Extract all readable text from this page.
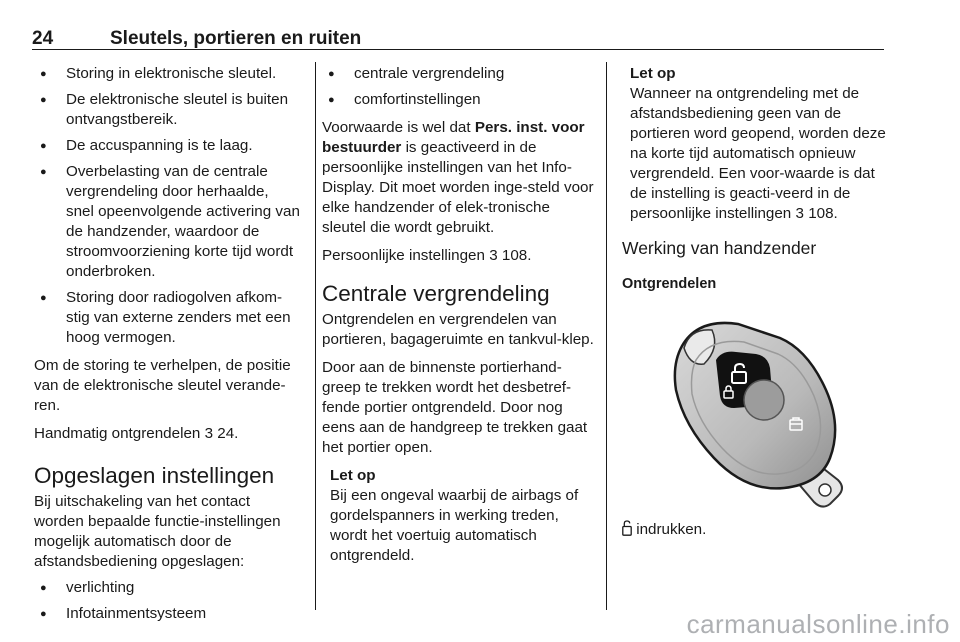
24	Sleutels, portieren en ruiten
● Storing in elektronische sleutel.
● De elektronische sleutel is buiten ontvangstbereik.
● De accuspanning is te laag.
● Overbelasting van de centrale vergrendeling door herhaalde, snel opeenvolgende activering van de handzender, waardoor de stroomvoorziening korte tijd wordt onderbroken.
● Storing door radiogolven afkom-stig van externe zenders met een hoog vermogen.

Om de storing te verhelpen, de positie van de elektronische sleutel verande-ren.

Handmatig ontgrendelen 3 24.

Opgeslagen instellingen

Bij uitschakeling van het contact worden bepaalde functie-instellingen mogelijk automatisch door de afstandsbediening opgeslagen:

● verlichting
● Infotainmentsysteem
● centrale vergrendeling
● comfortinstellingen

Voorwaarde is wel dat Pers. inst. voor bestuurder is geactiveerd in de persoonlijke instellingen van het Info-Display. Dit moet worden inge-steld voor elke handzender of elek-tronische sleutel die wordt gebruikt.

Persoonlijke instellingen 3 108.

Centrale vergrendeling

Ontgrendelen en vergrendelen van portieren, bagageruimte en tankvul-klep.

Door aan de binnenste portierhand-greep te trekken wordt het desbetref-fende portier ontgrendeld. Door nog eens aan de handgreep te trekken gaat het portier open.

Let op
Bij een ongeval waarbij de airbags of gordelspanners in werking treden, wordt het voertuig automatisch ontgrendeld.
Let op
Wanneer na ontgrendeling met de afstandsbediening geen van de portieren word geopend, worden deze na korte tijd automatisch opnieuw vergrendeld. Een voor-waarde is dat de instelling is geacti-veerd in de persoonlijke instellingen 3 108.
Werking van handzender
Ontgrendelen
indrukken.
carmanualsonline.info
